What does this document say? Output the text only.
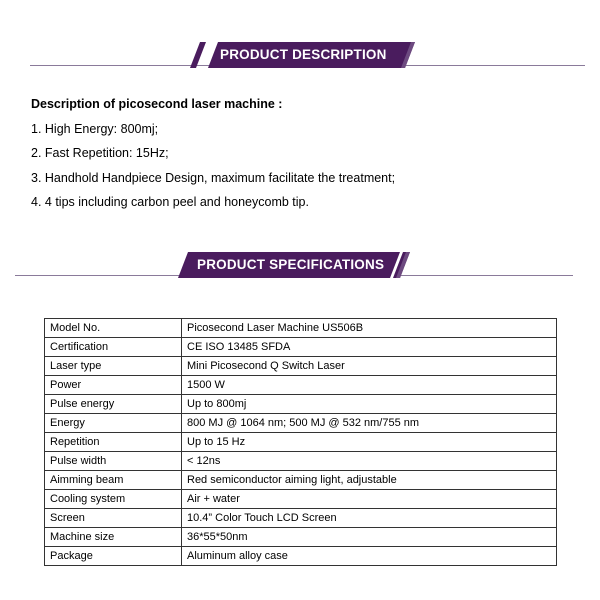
PRODUCT DESCRIPTION
Description of picosecond laser machine :
1. High Energy: 800mj;
2. Fast Repetition: 15Hz;
3. Handhold Handpiece Design, maximum facilitate the treatment;
4. 4 tips including carbon peel and honeycomb tip.
PRODUCT SPECIFICATIONS
Model No.	Picosecond Laser Machine US506B
Certification	CE ISO 13485 SFDA
Laser type	Mini Picosecond Q Switch Laser
Power	1500 W
Pulse energy	Up to 800mj
Energy	800 MJ @ 1064 nm; 500 MJ @ 532 nm/755 nm
Repetition	Up to 15 Hz
Pulse width	< 12ns
Aimming beam	Red semiconductor aiming light, adjustable
Cooling system	Air + water
Screen	10.4” Color Touch LCD Screen
Machine size	36*55*50nm
Package	Aluminum alloy case
